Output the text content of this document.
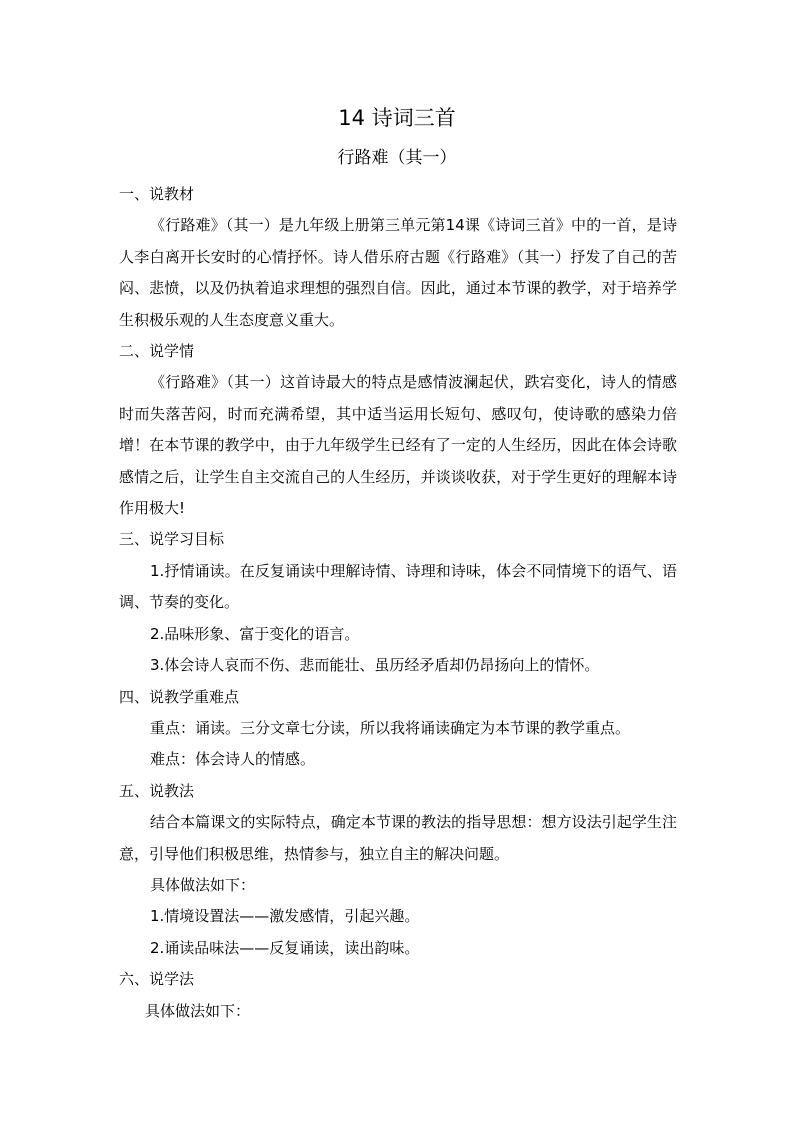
14 诗词三首
行路难（其一）

一、说教材

《行路难》（其一）是九年级上册第三单元第14课《诗词三首》中的一首，是诗人李白离开长安时的心情抒怀。诗人借乐府古题《行路难》（其一）抒发了自己的苦闷、悲愤，以及仍执着追求理想的强烈自信。因此，通过本节课的教学，对于培养学生积极乐观的人生态度意义重大。

二、说学情

《行路难》（其一）这首诗最大的特点是感情波澜起伏，跌宕变化，诗人的情感时而失落苦闷，时而充满希望，其中适当运用长短句、感叹句，使诗歌的感染力倍增！在本节课的教学中，由于九年级学生已经有了一定的人生经历，因此在体会诗歌感情之后，让学生自主交流自己的人生经历，并谈谈收获，对于学生更好的理解本诗作用极大!

三、说学习目标

1.抒情诵读。在反复诵读中理解诗情、诗理和诗味，体会不同情境下的语气、语调、节奏的变化。

2.品味形象、富于变化的语言。

3.体会诗人哀而不伤、悲而能壮、虽历经矛盾却仍昂扬向上的情怀。

四、说教学重难点

重点：诵读。三分文章七分读，所以我将诵读确定为本节课的教学重点。

难点：体会诗人的情感。

五、说教法

结合本篇课文的实际特点，确定本节课的教法的指导思想：想方设法引起学生注意，引导他们积极思维，热情参与，独立自主的解决问题。

具体做法如下：

1.情境设置法——激发感情，引起兴趣。

2.诵读品味法——反复诵读，读出韵味。

六、说学法

具体做法如下：
